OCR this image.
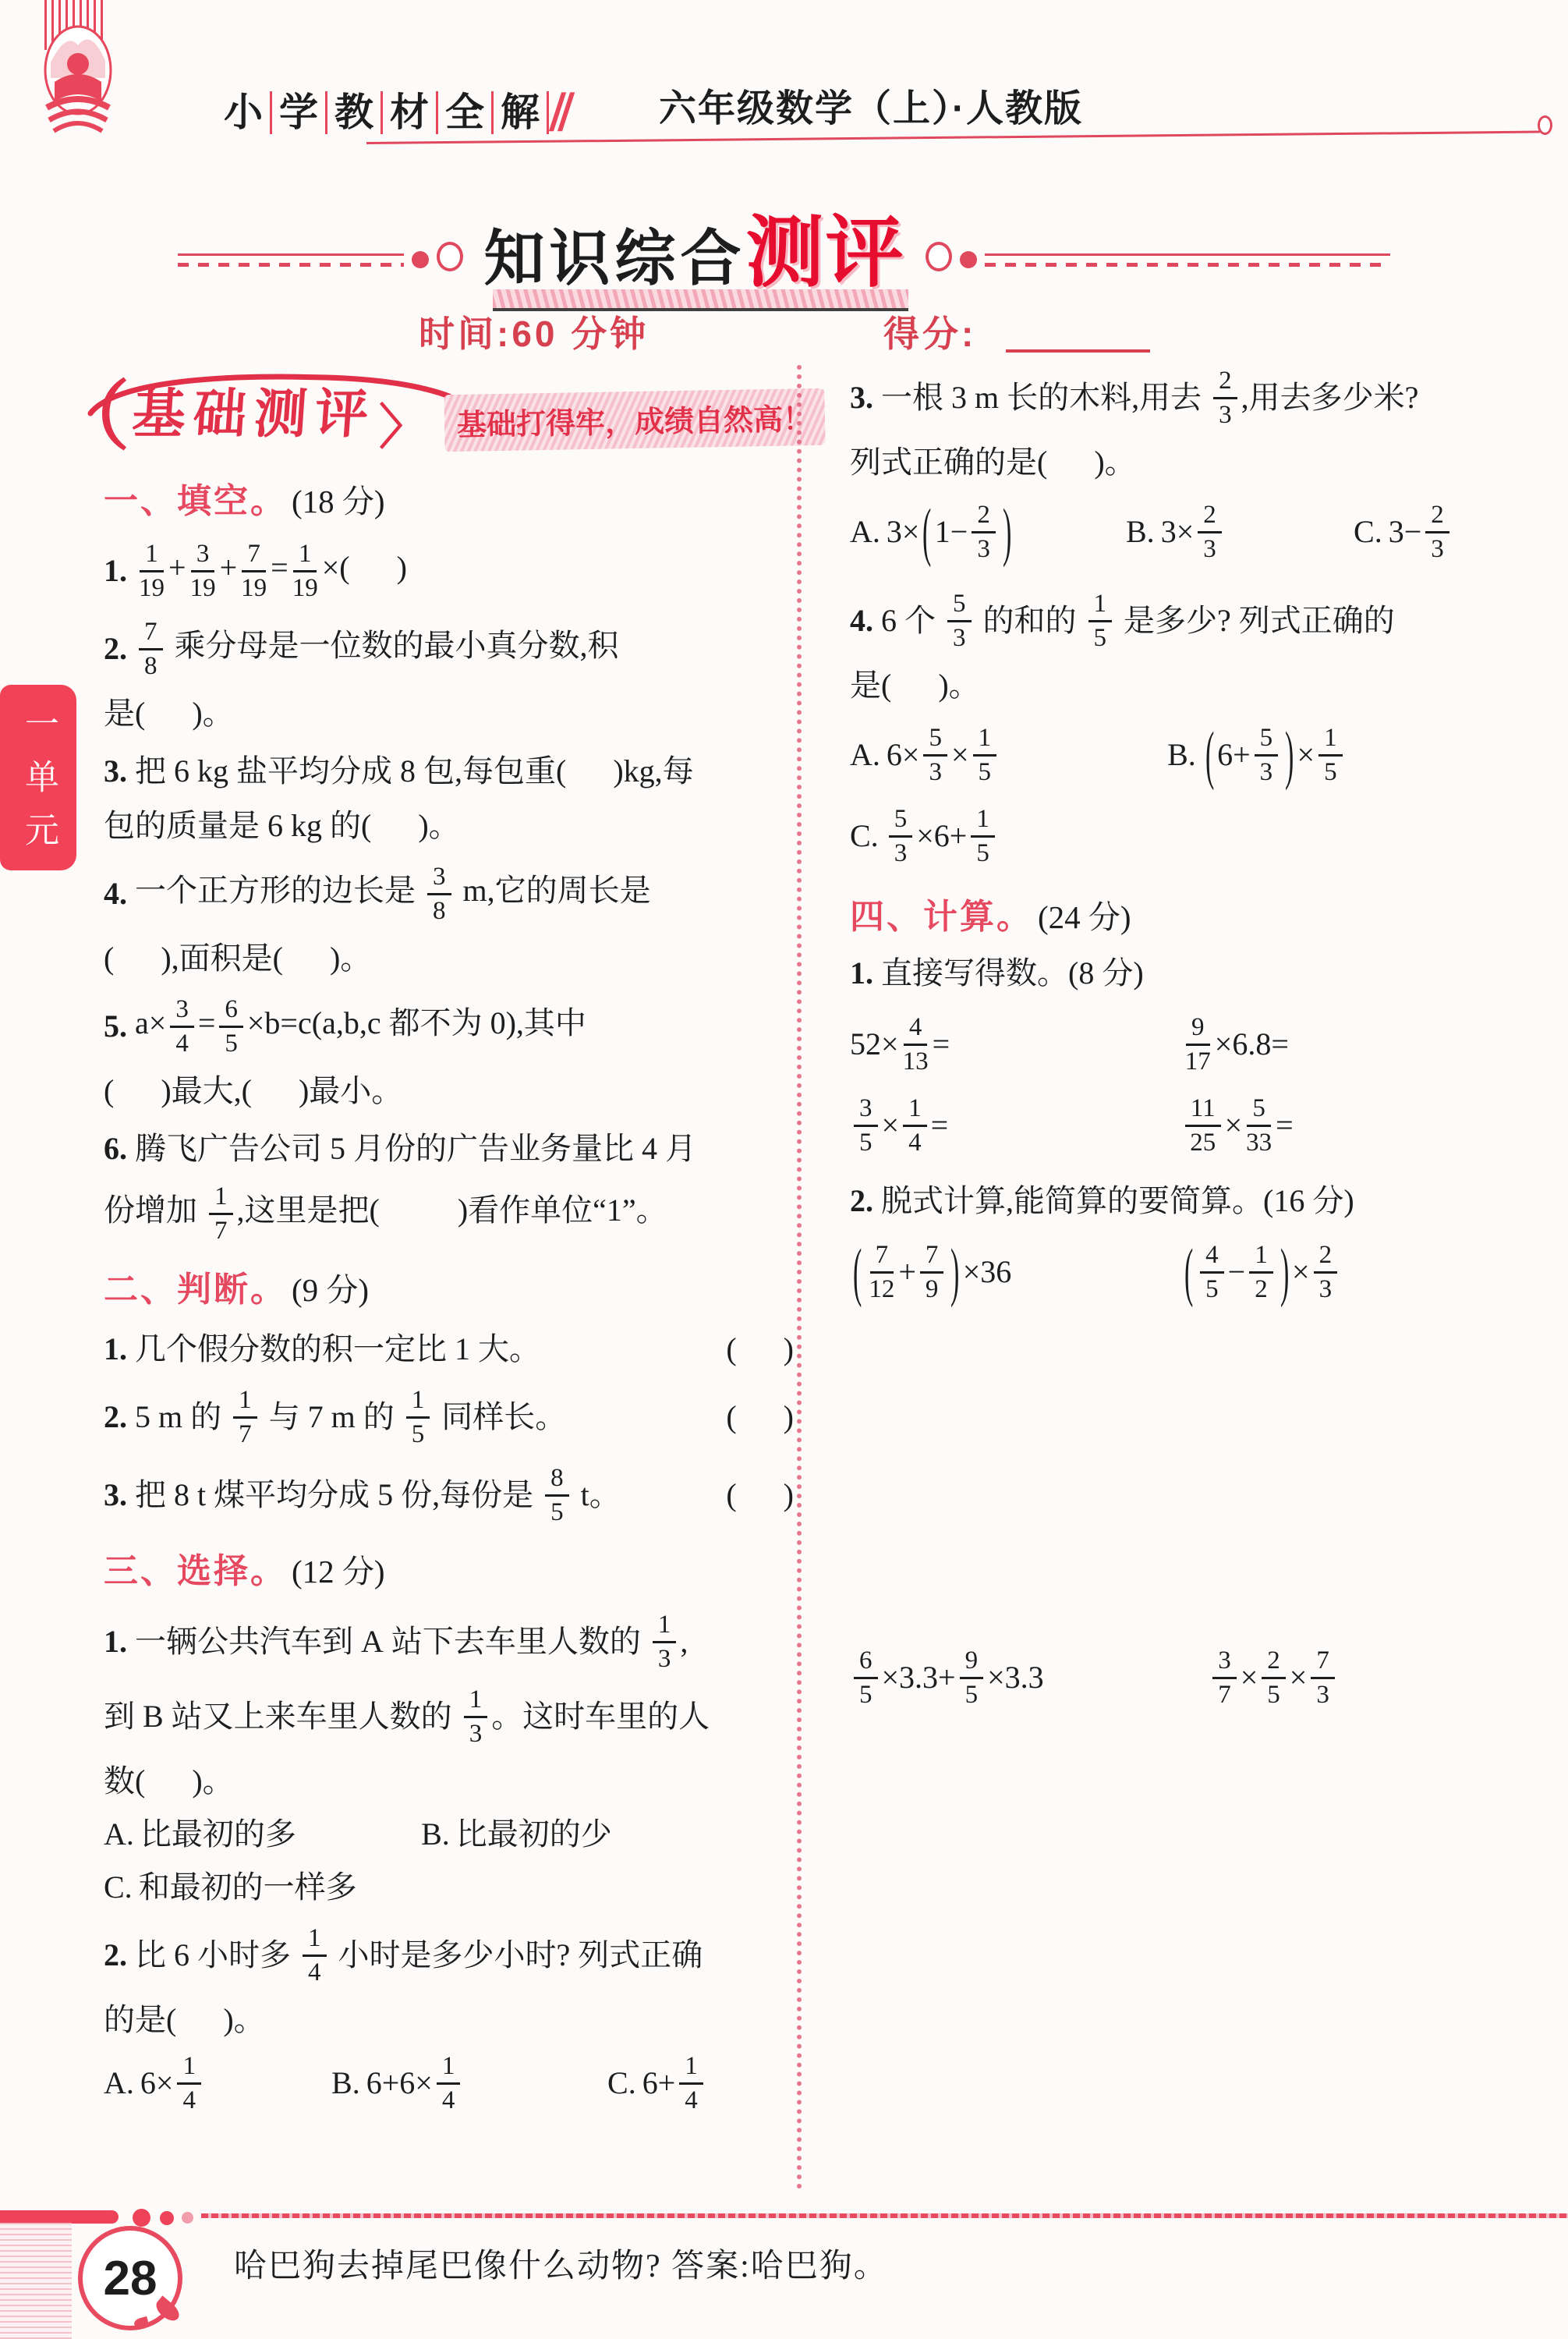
小 学 教 材 全 解 ∥ 六年级数学（上）·人教版
知识综合测评
时间:60 分钟	得分:
（ 基础测评 〉 基础打得牢，成绩自然高！
一单元
一、填空。 (18 分)
1. $\frac{1}{19} + \frac{3}{19} + \frac{7}{19} = \frac{1}{19}$ ×(      )
2. $\frac{7}{8}$ 乘分母是一位数的最小真分数,积
是(      )。
3. 把 6 kg 盐平均分成 8 包,每包重(      )kg,每
包的质量是 6 kg 的(      )。
4. 一个正方形的边长是 $\frac{3}{8} m$,它的周长是
(      ),面积是(      )。
5. $a\times \frac{3}{4} = \frac{6}{5} \times b=c(a,b,c$ 都不为 0),其中
(      )最大,(      )最小。
6. 腾飞广告公司 5 月份的广告业务量比 4 月
份增加 $\frac{1}{7}$ ,这里是把(          )看作单位“1”。
二、判断。 (9 分)
1. 几个假分数的积一定比 1 大。	(      )
2. 5 m 的 $\frac{1}{7}$ 与 7 m 的 $\frac{1}{5}$ 同样长。	(      )
3. 把 8 t 煤平均分成 5 份,每份是 $\frac{8}{5}$ t。	(      )
三、选择。 (12 分)
1. 一辆公共汽车到 A 站下去车里人数的 $\frac{1}{3}$ ,
到 B 站又上来车里人数的 $\frac{1}{3}$ 。这时车里的人
数(      )。
A. 比最初的多	B. 比最初的少
C. 和最初的一样多
2. 比 6 小时多 $\frac{1}{4}$ 小时是多少小时? 列式正确
的是(      )。
A. $6\times \frac{1}{4}$	B. $6+6\times \frac{1}{4}$	C. $6+ \frac{1}{4}$
3. 一根 3 m 长的木料,用去 $\frac{2}{3}$ ,用去多少米?
列式正确的是(      )。
A. 3× ( $1- \frac{2}{3}$ )	B. $3\times \frac{2}{3}$	C. $3- \frac{2}{3}$
4. 6 个 $\frac{5}{3}$ 的和的 $\frac{1}{5}$ 是多少? 列式正确的
是(      )。
A. $6\times \frac{5}{3} \times \frac{1}{5}$	B. ( $6+ \frac{5}{3}$ ) × $\frac{1}{5}$
C. $\frac{5}{3} \times 6+ \frac{1}{5}$
四、计算。 (24 分)
1. 直接写得数。(8 分)
$52\times \frac{4}{13}$ =	$\frac{9}{17} \times 6.8=$
$\frac{3}{5} \times \frac{1}{4}$ =	$\frac{11}{25} \times \frac{5}{33}$ =
2. 脱式计算,能简算的要简算。(16 分)
( $\frac{7}{12} + \frac{7}{9}$ ) ×36	( $\frac{4}{5} - \frac{1}{2}$ ) × $\frac{2}{3}$
$\frac{6}{5} \times 3.3+ \frac{9}{5} \times 3.3$	$\frac{3}{7} \times \frac{2}{5} \times \frac{7}{3}$
28 哈巴狗去掉尾巴像什么动物? 答案:哈巴狗。
